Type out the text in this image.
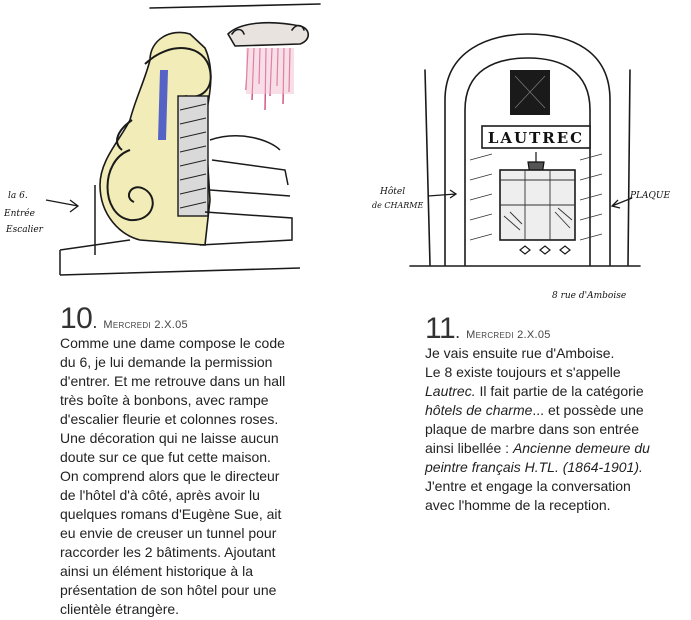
la 6.
Entrée
Escalier
LAUTREC
Hôtel
de CHARME
PLAQUE
8 rue d'Amboise
10 . Mercredi 2.X.05

Comme une dame compose le code

du 6, je lui demande la permission

d'entrer. Et me retrouve dans un hall

très boîte à bonbons, avec rampe

d'escalier fleurie et colonnes roses.

Une décoration qui ne laisse aucun

doute sur ce que fut cette maison.

On comprend alors que le directeur

de l'hôtel d'à côté, après avoir lu

quelques romans d'Eugène Sue, ait

eu envie de creuser un tunnel pour

raccorder les 2 bâtiments. Ajoutant

ainsi un élément historique à la

présentation de son hôtel pour une

clientèle étrangère.

11 . Mercredi 2.X.05

Je vais ensuite rue d'Amboise.

Le 8 existe toujours et s'appelle

Lautrec. Il fait partie de la catégorie

hôtels de charme... et possède une

plaque de marbre dans son entrée

ainsi libellée : Ancienne demeure du

peintre français H.TL. (1864-1901).

J'entre et engage la conversation

avec l'homme de la reception.
